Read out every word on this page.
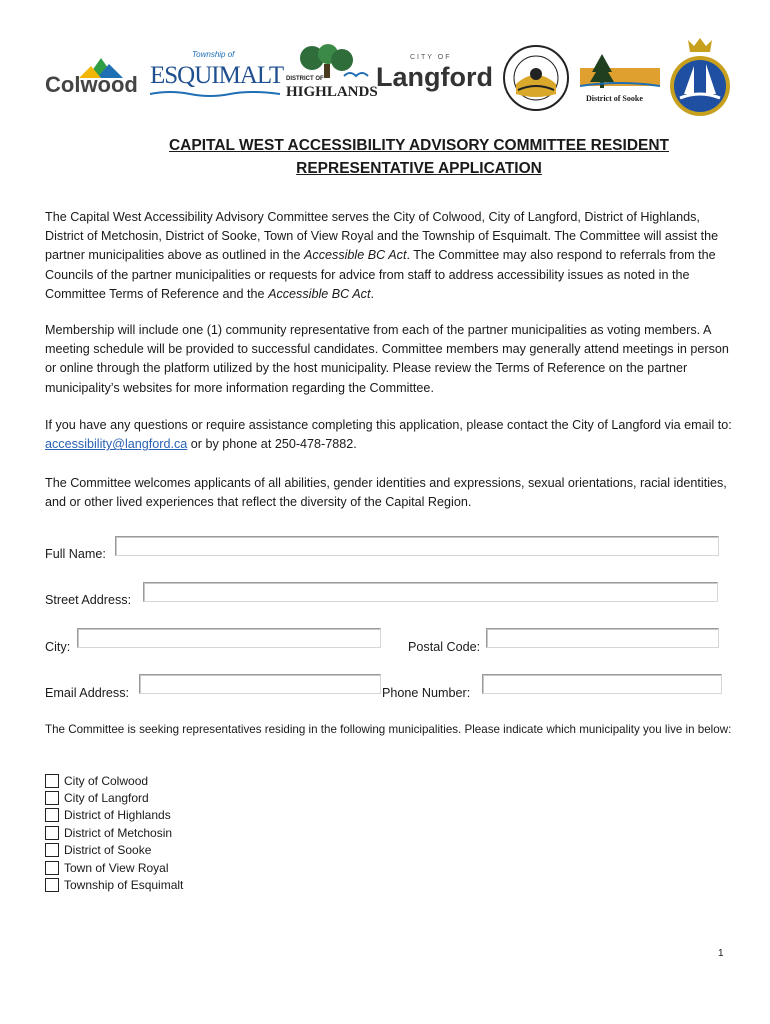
Colwood
Township of
ESQUIMALT DISTRICT OF
HIGHLANDS
CITY OF
Langford
District of Sooke
CAPITAL WEST ACCESSIBILITY ADVISORY COMMITTEE RESIDENT
REPRESENTATIVE APPLICATION
The Capital West Accessibility Advisory Committee serves the City of Colwood, City of Langford, District of Highlands, District of Metchosin, District of Sooke, Town of View Royal and the Township of Esquimalt. The Committee will assist the partner municipalities above as outlined in the Accessible BC Act. The Committee may also respond to referrals from the Councils of the partner municipalities or requests for advice from staff to address accessibility issues as noted in the Committee Terms of Reference and the Accessible BC Act.
Membership will include one (1) community representative from each of the partner municipalities as voting members. A meeting schedule will be provided to successful candidates. Committee members may generally attend meetings in person or online through the platform utilized by the host municipality. Please review the Terms of Reference on the partner municipality’s websites for more information regarding the Committee.
If you have any questions or require assistance completing this application, please contact the City of Langford via email to: accessibility@langford.ca or by phone at 250-478-7882.
The Committee welcomes applicants of all abilities, gender identities and expressions, sexual orientations, racial identities, and or other lived experiences that reflect the diversity of the Capital Region.
Full Name:
Street Address:
City:	Postal Code:
Email Address:	Phone Number:
The Committee is seeking representatives residing in the following municipalities. Please indicate which municipality you live in below:
City of Colwood
City of Langford
District of Highlands
District of Metchosin
District of Sooke
Town of View Royal
Township of Esquimalt
1
